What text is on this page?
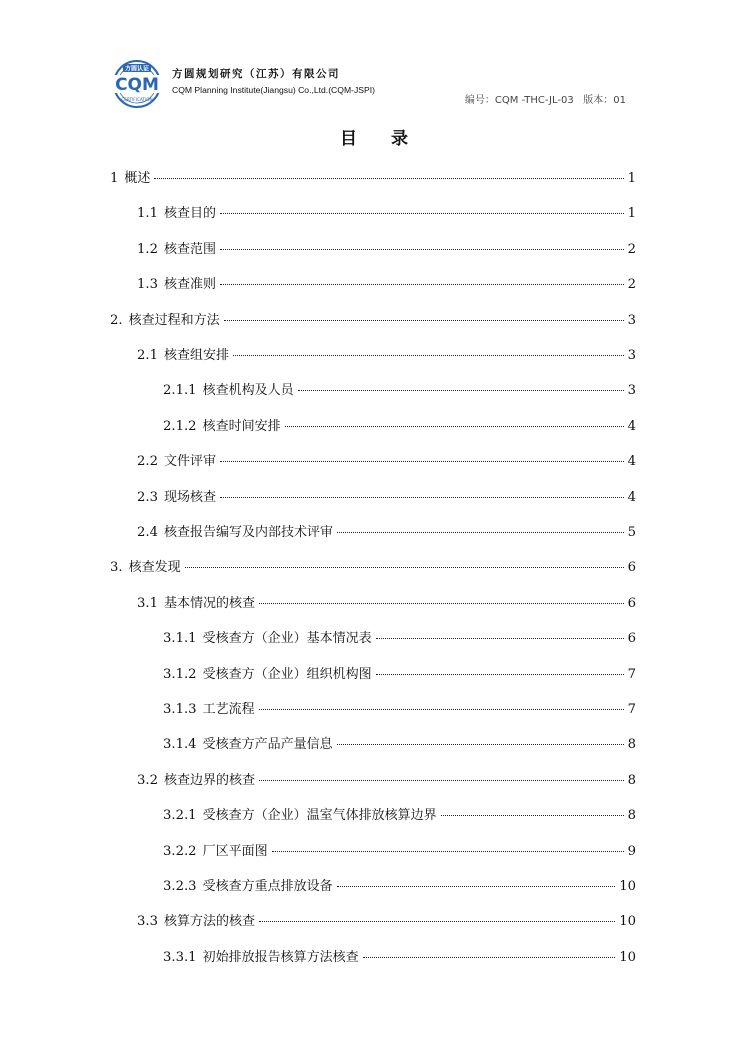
方圆认证
CQM
CERTIFICATION
方圆规划研究（江苏）有限公司
CQM Planning Institute(Jiangsu) Co.,Ltd.(CQM-JSPI)
编号：CQM -THC-JL-03 版本：01
目 录
1 概述	1
1.1 核查目的	1
1.2 核查范围	2
1.3 核查准则	2
2. 核查过程和方法	3
2.1 核查组安排	3
2.1.1 核查机构及人员	3
2.1.2 核查时间安排	4
2.2 文件评审	4
2.3 现场核查	4
2.4 核查报告编写及内部技术评审	5
3. 核查发现	6
3.1 基本情况的核查	6
3.1.1 受核查方（企业）基本情况表	6
3.1.2 受核查方（企业）组织机构图	7
3.1.3 工艺流程	7
3.1.4 受核查方产品产量信息	8
3.2 核查边界的核查	8
3.2.1 受核查方（企业）温室气体排放核算边界	8
3.2.2 厂区平面图	9
3.2.3 受核查方重点排放设备	10
3.3 核算方法的核查	10
3.3.1 初始排放报告核算方法核查	10
